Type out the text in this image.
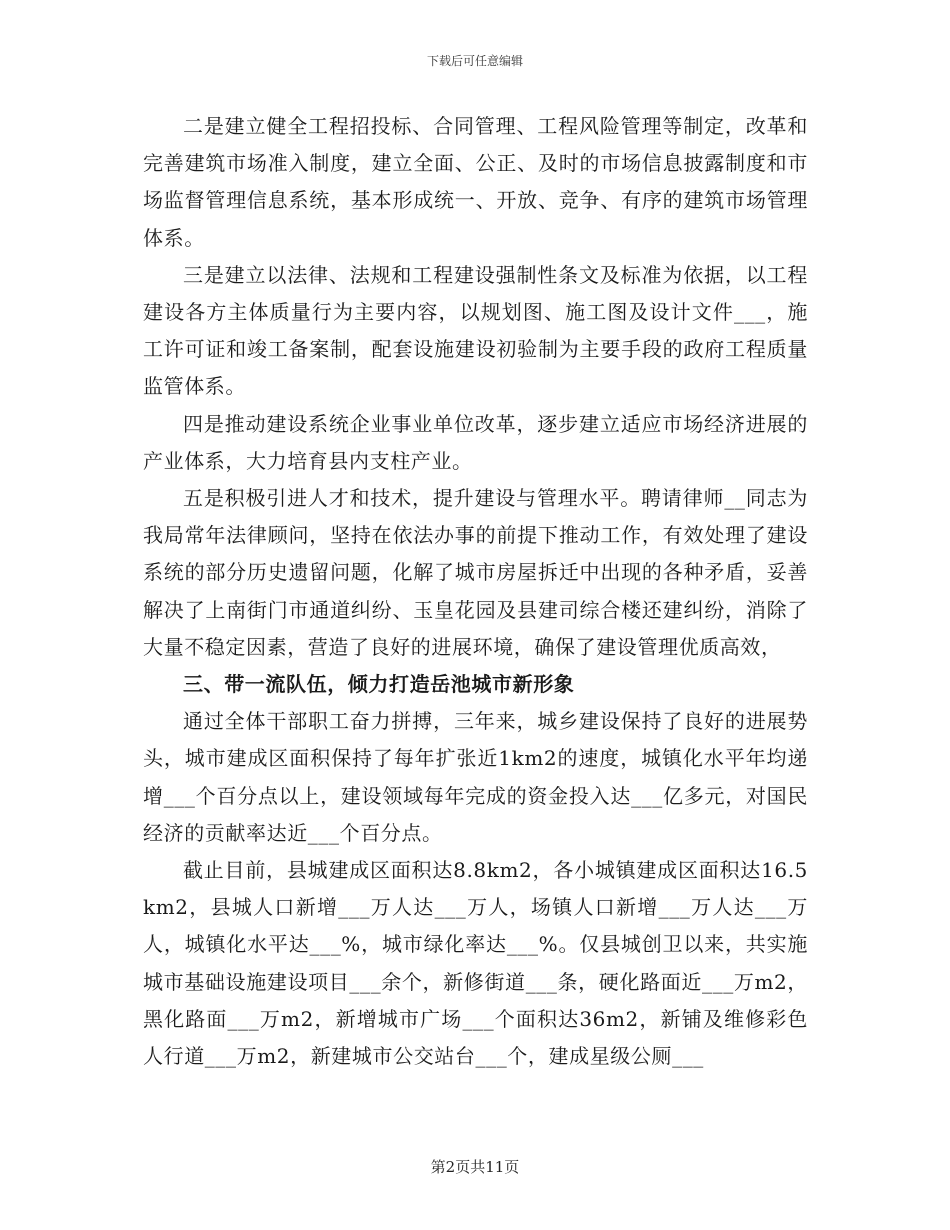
下载后可任意编辑

二是建立健全工程招投标、合同管理、工程风险管理等制定，改革和完善建筑市场准入制度，建立全面、公正、及时的市场信息披露制度和市场监督管理信息系统，基本形成统一、开放、竞争、有序的建筑市场管理体系。

三是建立以法律、法规和工程建设强制性条文及标准为依据，以工程建设各方主体质量行为主要内容，以规划图、施工图及设计文件___，施工许可证和竣工备案制，配套设施建设初验制为主要手段的政府工程质量监管体系。

四是推动建设系统企业事业单位改革，逐步建立适应市场经济进展的产业体系，大力培育县内支柱产业。

五是积极引进人才和技术，提升建设与管理水平。聘请律师__同志为我局常年法律顾问，坚持在依法办事的前提下推动工作，有效处理了建设系统的部分历史遗留问题，化解了城市房屋拆迁中出现的各种矛盾，妥善解决了上南街门市通道纠纷、玉皇花园及县建司综合楼还建纠纷，消除了大量不稳定因素，营造了良好的进展环境，确保了建设管理优质高效，

三、带一流队伍，倾力打造岳池城市新形象

通过全体干部职工奋力拼搏，三年来，城乡建设保持了良好的进展势头，城市建成区面积保持了每年扩张近1km2的速度，城镇化水平年均递增___个百分点以上，建设领域每年完成的资金投入达___亿多元，对国民经济的贡献率达近___个百分点。

截止目前，县城建成区面积达8.8km2，各小城镇建成区面积达16.5km2，县城人口新增___万人达___万人，场镇人口新增___万人达___万人，城镇化水平达___%，城市绿化率达___%。仅县城创卫以来，共实施城市基础设施建设项目___余个，新修街道___条，硬化路面近___万m2，黑化路面___万m2，新增城市广场___个面积达36m2，新铺及维修彩色人行道___万m2，新建城市公交站台___个，建成星级公厕___

第2页共11页
